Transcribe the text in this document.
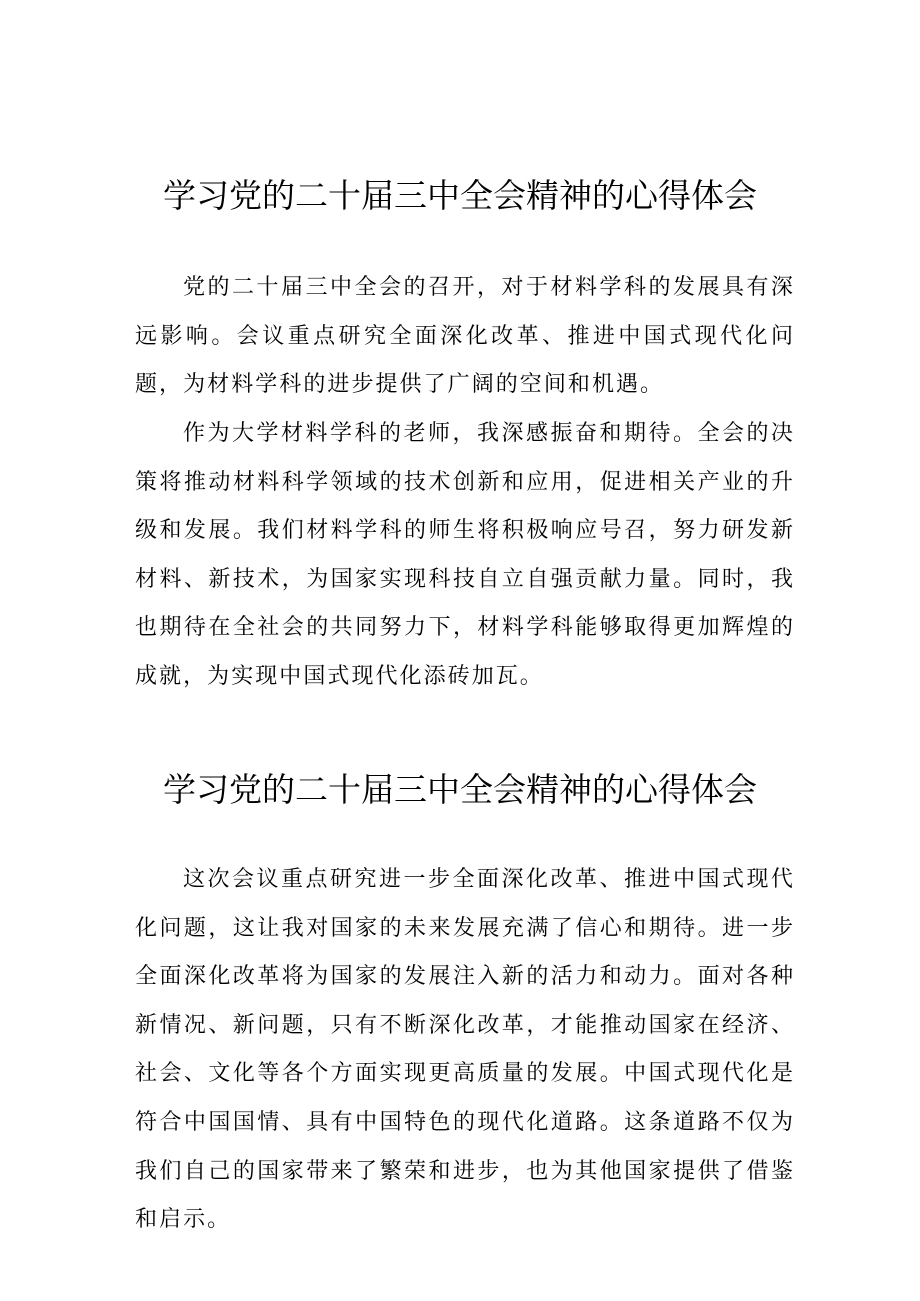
学习党的二十届三中全会精神的心得体会

党的二十届三中全会的召开，对于材料学科的发展具有深远影响。会议重点研究全面深化改革、推进中国式现代化问题，为材料学科的进步提供了广阔的空间和机遇。

作为大学材料学科的老师，我深感振奋和期待。全会的决策将推动材料科学领域的技术创新和应用，促进相关产业的升级和发展。我们材料学科的师生将积极响应号召，努力研发新材料、新技术，为国家实现科技自立自强贡献力量。同时，我也期待在全社会的共同努力下，材料学科能够取得更加辉煌的成就，为实现中国式现代化添砖加瓦。

学习党的二十届三中全会精神的心得体会

这次会议重点研究进一步全面深化改革、推进中国式现代化问题，这让我对国家的未来发展充满了信心和期待。进一步全面深化改革将为国家的发展注入新的活力和动力。面对各种新情况、新问题，只有不断深化改革，才能推动国家在经济、社会、文化等各个方面实现更高质量的发展。中国式现代化是符合中国国情、具有中国特色的现代化道路。这条道路不仅为我们自己的国家带来了繁荣和进步，也为其他国家提供了借鉴和启示。
